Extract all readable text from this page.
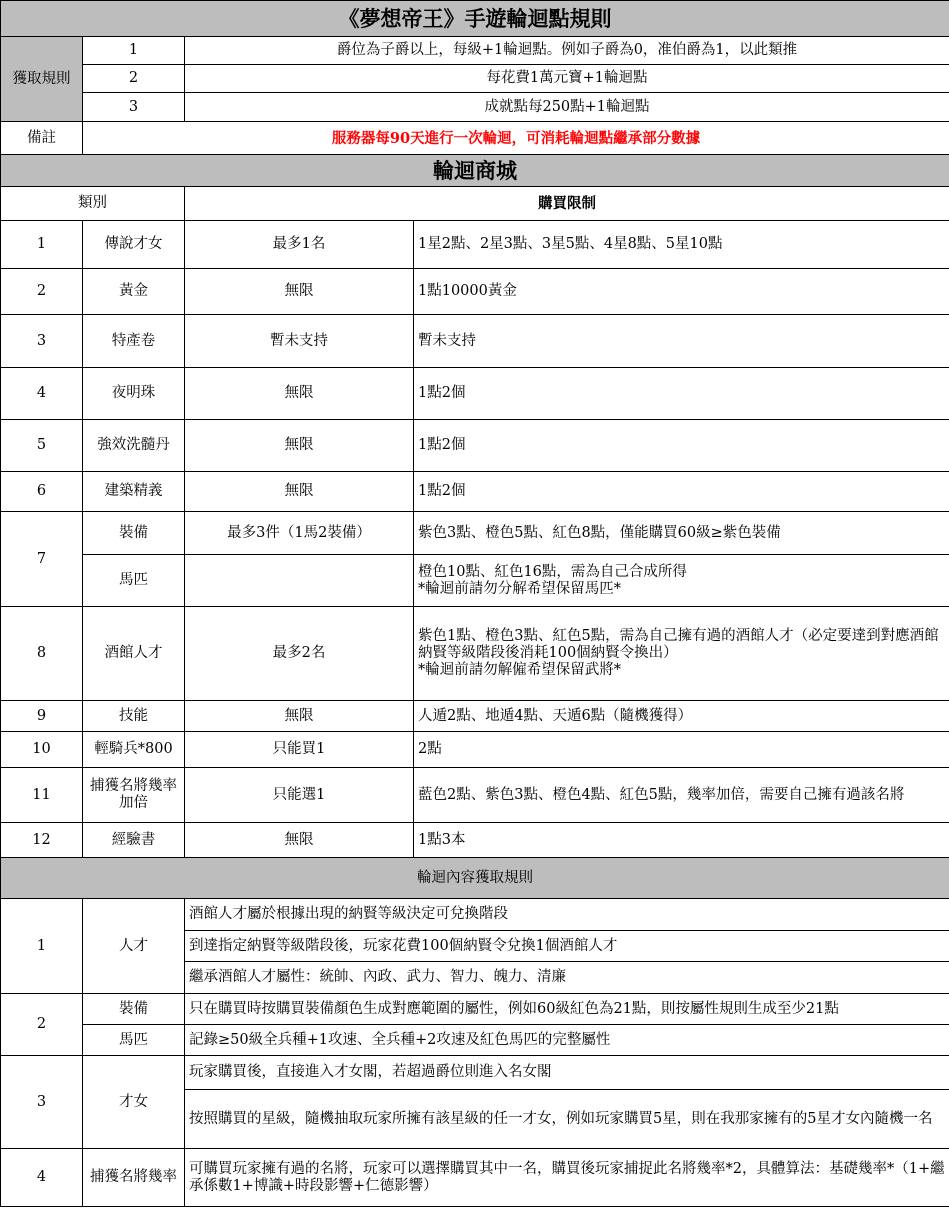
《夢想帝王》手遊輪迴點規則			
獲取規則	1	爵位為子爵以上，每級+1輪迴點。例如子爵為0，准伯爵為1，以此類推	
	2	每花費1萬元寶+1輪迴點	
	3	成就點每250點+1輪迴點	
備註	服務器每90天進行一次輪迴，可消耗輪迴點繼承部分數據		
輪迴商城			
類別		購買限制	
1	傳說才女	最多1名	1星2點、2星3點、3星5點、4星8點、5星10點
2	黃金	無限	1點10000黃金
3	特產卷	暫未支持	暫未支持
4	夜明珠	無限	1點2個
5	強效洗髓丹	無限	1點2個
6	建築精義	無限	1點2個
7	裝備	最多3件（1馬2裝備）	紫色3點、橙色5點、紅色8點，僅能購買60級≥紫色裝備
	馬匹		橙色10點、紅色16點，需為自己合成所得
*輪迴前請勿分解希望保留馬匹*

8	酒館人才	最多2名	紫色1點、橙色3點、紅色5點，需為自己擁有過的酒館人才（必定要達到對應酒館納賢等級階段後消耗100個納賢令換出）
*輪迴前請勿解僱希望保留武將*

9	技能	無限	人遁2點、地遁4點、天遁6點（隨機獲得）
10	輕騎兵*800	只能買1	2點
11	捕獲名將幾率加倍	只能選1	藍色2點、紫色3點、橙色4點、紅色5點，幾率加倍，需要自己擁有過該名將
12	經驗書	無限	1點3本
輪迴內容獲取規則			
1	人才	酒館人才屬於根據出現的納賢等級決定可兌換階段	
		到達指定納賢等級階段後，玩家花費100個納賢令兌換1個酒館人才	
		繼承酒館人才屬性：統帥、內政、武力、智力、魄力、清廉	
2	裝備	只在購買時按購買裝備顏色生成對應範圍的屬性，例如60級紅色為21點，則按屬性規則生成至少21點	
	馬匹	記錄≥50級全兵種+1攻速、全兵種+2攻速及紅色馬匹的完整屬性	
3	才女	玩家購買後，直接進入才女閣，若超過爵位則進入名女閣	
		按照購買的星級，隨機抽取玩家所擁有該星級的任一才女，例如玩家購買5星，則在我那家擁有的5星才女內隨機一名	
4	捕獲名將幾率	可購買玩家擁有過的名將，玩家可以選擇購買其中一名，購買後玩家捕捉此名將幾率*2，具體算法：基礎幾率*（1+繼承係數1+博識+時段影響+仁德影響）	
